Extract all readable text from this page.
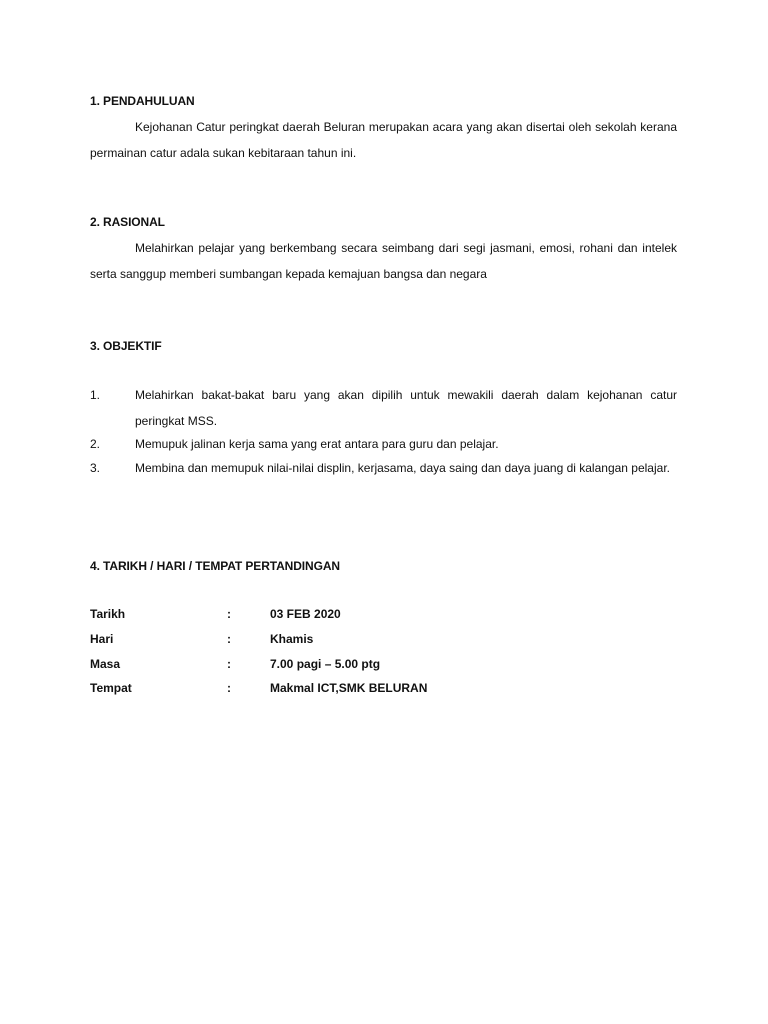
1. PENDAHULUAN
Kejohanan Catur peringkat daerah Beluran merupakan acara yang akan disertai oleh sekolah kerana permainan catur adala sukan kebitaraan tahun ini.
2. RASIONAL
Melahirkan pelajar yang berkembang secara seimbang dari segi jasmani, emosi, rohani dan intelek serta sanggup memberi sumbangan kepada kemajuan bangsa dan negara
3. OBJEKTIF
1.	Melahirkan bakat-bakat baru yang akan dipilih untuk mewakili daerah dalam kejohanan catur peringkat MSS.
2.	Memupuk jalinan kerja sama yang erat antara para guru dan pelajar.
3.	Membina dan memupuk nilai-nilai displin, kerjasama, daya saing dan daya juang di kalangan pelajar.
4. TARIKH / HARI / TEMPAT PERTANDINGAN
Tarikh	:	03 FEB 2020
Hari	:	Khamis
Masa	:	7.00 pagi – 5.00 ptg
Tempat	:	Makmal ICT,SMK BELURAN
